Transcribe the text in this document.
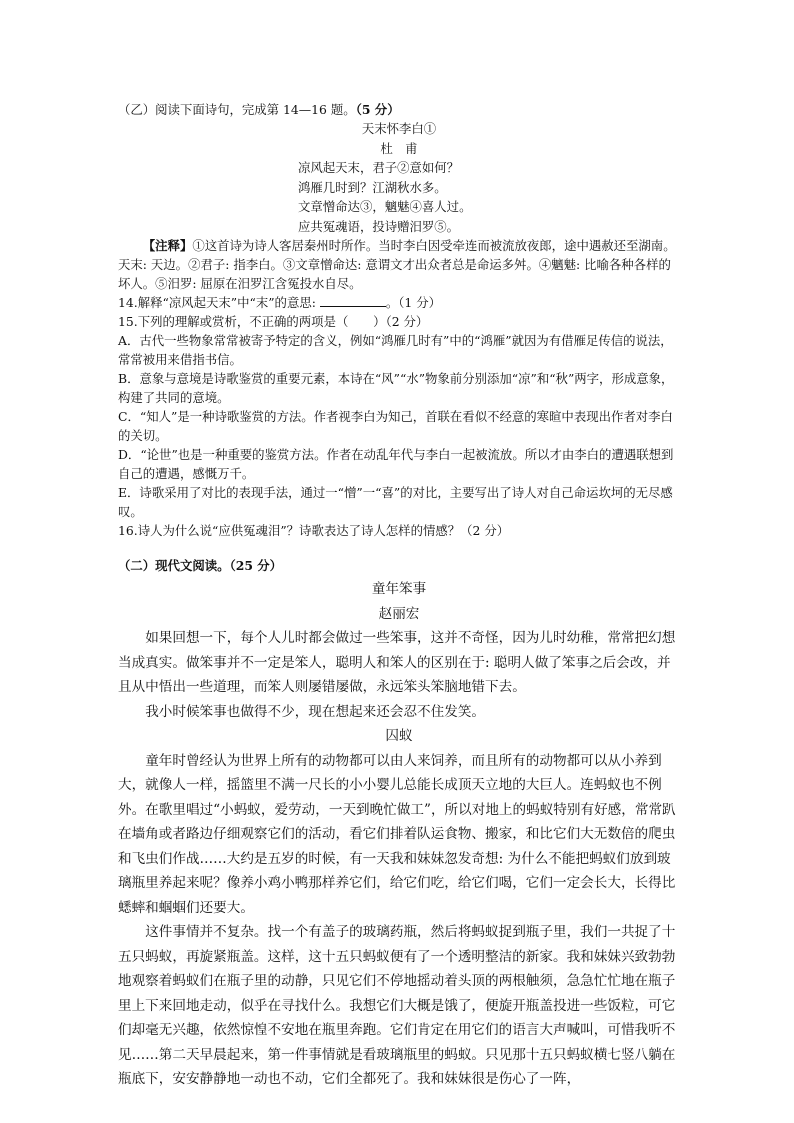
（乙）阅读下面诗句，完成第 14—16 题。（5 分）

天末怀李白①

杜　甫

凉风起天末，君子②意如何？

鸿雁几时到？江湖秋水多。

文章憎命达③，魑魅④喜人过。

应共冤魂语，投诗赠汨罗⑤。

【注释】①这首诗为诗人客居秦州时所作。当时李白因受牵连而被流放夜郎，途中遇赦还至湖南。天末: 天边。②君子: 指李白。③文章憎命达: 意谓文才出众者总是命运多舛。④魑魅: 比喻各种各样的坏人。⑤汨罗: 屈原在汨罗江含冤投水自尽。

14.解释“凉风起天末”中“末”的意思:	。（1 分）

15.下列的理解或赏析，不正确的两项是（　　）（2 分）

A．古代一些物象常常被寄予特定的含义，例如“鸿雁几时有”中的“鸿雁”就因为有借雁足传信的说法，常常被用来借指书信。

B．意象与意境是诗歌鉴赏的重要元素，本诗在“风”“水”物象前分别添加“凉”和“秋”两字，形成意象，构建了共同的意境。

C．“知人”是一种诗歌鉴赏的方法。作者视李白为知己，首联在看似不经意的寒暄中表现出作者对李白的关切。

D．“论世”也是一种重要的鉴赏方法。作者在动乱年代与李白一起被流放。所以才由李白的遭遇联想到自己的遭遇，感慨万千。

E．诗歌采用了对比的表现手法，通过一“憎”一“喜”的对比，主要写出了诗人对自己命运坎坷的无尽感叹。

16.诗人为什么说“应供冤魂泪”？诗歌表达了诗人怎样的情感？（2 分）

（二）现代文阅读。（25 分）

童年笨事

赵丽宏

如果回想一下，每个人儿时都会做过一些笨事，这并不奇怪，因为儿时幼稚，常常把幻想当成真实。做笨事并不一定是笨人，聪明人和笨人的区别在于: 聪明人做了笨事之后会改，并且从中悟出一些道理，而笨人则屡错屡做，永远笨头笨脑地错下去。

我小时候笨事也做得不少，现在想起来还会忍不住发笑。

囚蚁

童年时曾经认为世界上所有的动物都可以由人来饲养，而且所有的动物都可以从小养到大，就像人一样，摇篮里不满一尺长的小小婴儿总能长成顶天立地的大巨人。连蚂蚁也不例外。在歌里唱过“小蚂蚁，爱劳动，一天到晚忙做工”，所以对地上的蚂蚁特别有好感，常常趴在墙角或者路边仔细观察它们的活动，看它们排着队运食物、搬家，和比它们大无数倍的爬虫和飞虫们作战……大约是五岁的时候，有一天我和妹妹忽发奇想: 为什么不能把蚂蚁们放到玻璃瓶里养起来呢？像养小鸡小鸭那样养它们，给它们吃，给它们喝，它们一定会长大，长得比蟋蟀和蝈蝈们还要大。

这件事情并不复杂。找一个有盖子的玻璃药瓶，然后将蚂蚁捉到瓶子里，我们一共捉了十五只蚂蚁，再旋紧瓶盖。这样，这十五只蚂蚁便有了一个透明整洁的新家。我和妹妹兴致勃勃地观察着蚂蚁们在瓶子里的动静，只见它们不停地摇动着头顶的两根触须，急急忙忙地在瓶子里上下来回地走动，似乎在寻找什么。我想它们大概是饿了，便旋开瓶盖投进一些饭粒，可它们却毫无兴趣，依然惊惶不安地在瓶里奔跑。它们肯定在用它们的语言大声喊叫，可惜我听不见……第二天早晨起来，第一件事情就是看玻璃瓶里的蚂蚁。只见那十五只蚂蚁横七竖八躺在瓶底下，安安静静地一动也不动，它们全都死了。我和妹妹很是伤心了一阵，
